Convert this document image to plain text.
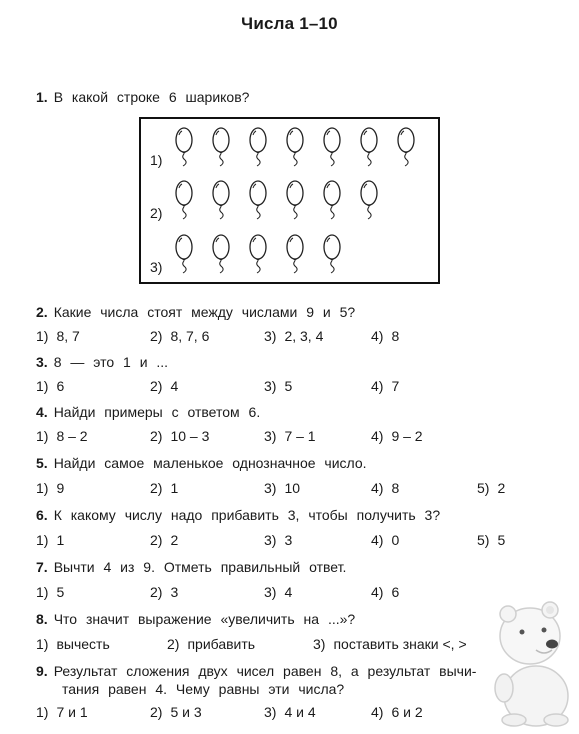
Числа 1–10
1. В какой строке 6 шариков?
1)
2)
3)
2. Какие числа стоят между числами 9 и 5?
1) 8, 7	2) 8, 7, 6	3) 2, 3, 4	4) 8
3. 8 — это 1 и ...
1) 6	2) 4	3) 5	4) 7
4. Найди примеры с ответом 6.
1) 8 – 2	2) 10 – 3	3) 7 – 1	4) 9 – 2
5. Найди самое маленькое однозначное число.
1) 9	2) 1	3) 10	4) 8	5) 2
6. К какому числу надо прибавить 3, чтобы получить 3?
1) 1	2) 2	3) 3	4) 0	5) 5
7. Вычти 4 из 9. Отметь правильный ответ.
1) 5	2) 3	3) 4	4) 6
8. Что значит выражение «увеличить на ...»?
1) вычесть	2) прибавить	3) поставить знаки <, >
9. Результат сложения двух чисел равен 8, а результат вычи-
тания равен 4. Чему равны эти числа?
1) 7 и 1	2) 5 и 3	3) 4 и 4	4) 6 и 2
